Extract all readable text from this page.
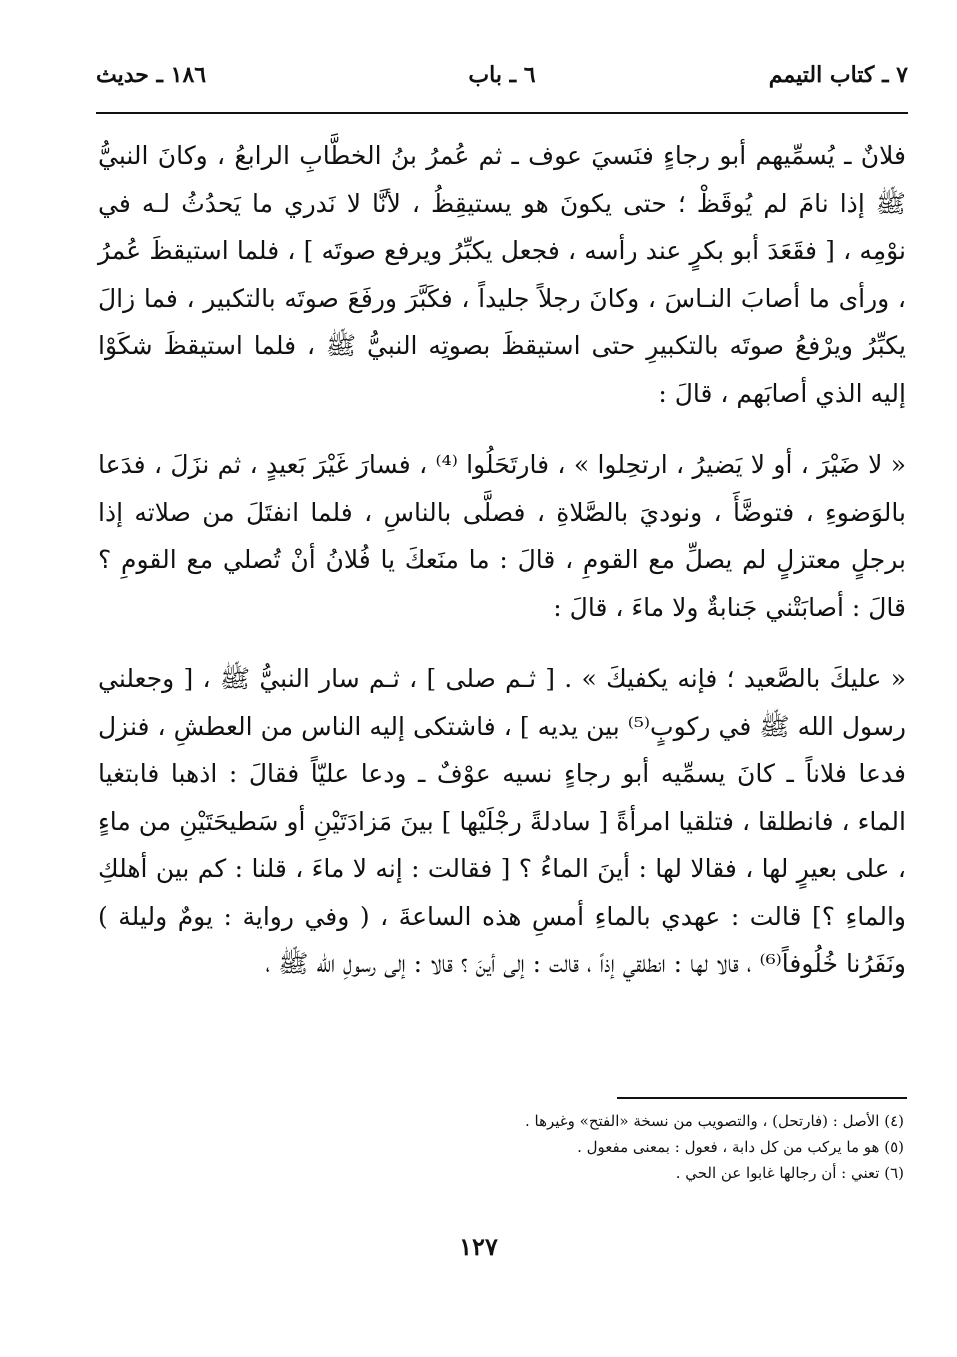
٧ ـ كتاب التيمم
٦ ـ باب
١٨٦ ـ حديث

فلانٌ ـ يُسمِّيهم أبو رجاءٍ فنَسيَ عوف ـ ثم عُمرُ بنُ الخطَّابِ الرابعُ ، وكانَ النبيُّ ﷺ إذا نامَ لم يُوقَظْ ؛ حتى يكونَ هو يستيقِظُ ، لأنَّا لا نَدري ما يَحدُثُ لـه في نوْمِه ، [ فقَعَدَ أبو بكرٍ عند رأسه ، فجعل يكبِّرُ ويرفع صوتَه ] ، فلما استيقظَ عُمرُ ، ورأى ما أصابَ النـاسَ ، وكانَ رجلاً جليداً ، فكَبَّرَ ورفَعَ صوتَه بالتكبير ، فما زالَ يكبِّرُ ويرْفعُ صوتَه بالتكبيرِ حتى استيقظَ بصوتِه النبيُّ ﷺ ، فلما استيقظَ شكَوْا إليه الذي أصابَهم ، قالَ :

« لا ضَيْرَ ، أو لا يَضيرُ ، ارتحِلوا » ، فارتَحَلُوا ⁽⁴⁾ ، فسارَ غَيْرَ بَعيدٍ ، ثم نزَلَ ، فدَعا بالوَضوءِ ، فتوضَّأَ ، ونوديَ بالصَّلاةِ ، فصلَّى بالناسِ ، فلما انفتَلَ من صلاته إذا برجلٍ معتزلٍ لم يصلِّ مع القومِ ، قالَ : ما منَعكَ يا فُلانُ أنْ تُصلي مع القومِ ؟ قالَ : أصابَتْني جَنابةٌ ولا ماءَ ، قالَ :

« عليكَ بالصَّعيد ؛ فإنه يكفيكَ » . [ ثـم صلى ] ، ثـم سار النبيُّ ﷺ ، [ وجعلني رسول الله ﷺ في ركوبٍ⁽⁵⁾ بين يديه ] ، فاشتكى إليه الناس من العطشِ ، فنزل فدعا فلاناً ـ كانَ يسمِّيه أبو رجاءٍ نسيه عوْفٌ ـ ودعا عليّاً فقالَ : اذهبا فابتغيا الماء ، فانطلقا ، فتلقيا امرأةً [ سادلةً رجْلَيْها ] بينَ مَزادَتَيْنِ أو سَطيحَتَيْنِ من ماءٍ ، على بعيرٍ لها ، فقالا لها : أينَ الماءُ ؟ [ فقالت : إنه لا ماءَ ، قلنا : كم بين أهلكِ والماءِ ؟] قالت : عهدي بالماءِ أمسِ هذه الساعةَ ، ( وفي رواية : يومٌ وليلة ) ونَفَرُنا خُلُوفاً⁽⁶⁾ ، قالا لها : انطلقي إذاً ، قالت : إلى أينَ ؟ قالا : إلى رسولِ الله ﷺ ،

(٤) الأصل : (فارتحل) ، والتصويب من نسخة «الفتح» وغيرها .
(٥) هو ما يركب من كل دابة ، فعول : بمعنى مفعول .
(٦) تعني : أن رجالها غابوا عن الحي .
١٢٧
